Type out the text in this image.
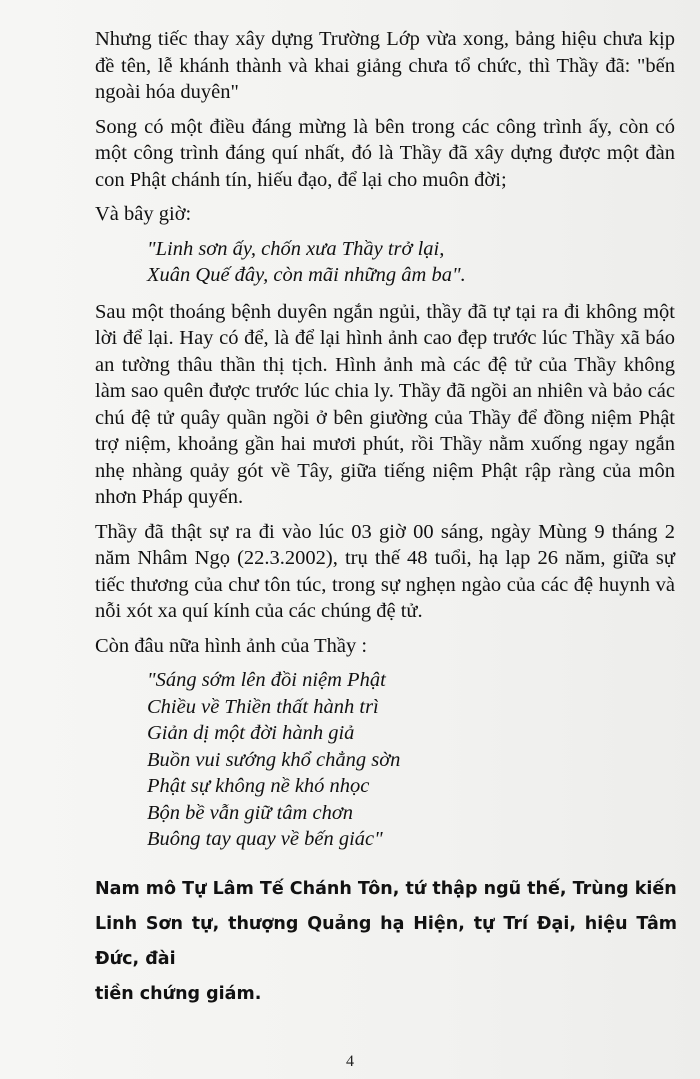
Nhưng tiếc thay xây dựng Trường Lớp vừa xong, bảng hiệu chưa kịp đề tên, lễ khánh thành và khai giảng chưa tổ chức, thì Thầy đã: "bến ngoài hóa duyên"

Song có một điều đáng mừng là bên trong các công trình ấy, còn có một công trình đáng quí nhất, đó là Thầy đã xây dựng được một đàn con Phật chánh tín, hiếu đạo, để lại cho muôn đời;

Và bây giờ:

"Linh sơn ấy, chốn xưa Thầy trở lại,
Xuân Quế đây, còn mãi những âm ba".

Sau một thoáng bệnh duyên ngắn ngủi, thầy đã tự tại ra đi không một lời để lại. Hay có để, là để lại hình ảnh cao đẹp trước lúc Thầy xã báo an tường thâu thần thị tịch. Hình ảnh mà các đệ tử của Thầy không làm sao quên được trước lúc chia ly. Thầy đã ngồi an nhiên và bảo các chú đệ tử quây quần ngồi ở bên giường của Thầy để đồng niệm Phật trợ niệm, khoảng gần hai mươi phút, rồi Thầy nằm xuống ngay ngắn nhẹ nhàng quảy gót về Tây, giữa tiếng niệm Phật rập ràng của môn nhơn Pháp quyến.

Thầy đã thật sự ra đi vào lúc 03 giờ 00 sáng, ngày Mùng 9 tháng 2 năm Nhâm Ngọ (22.3.2002), trụ thế 48 tuổi, hạ lạp 26 năm, giữa sự tiếc thương của chư tôn túc, trong sự nghẹn ngào của các đệ huynh và nỗi xót xa quí kính của các chúng đệ tử.

Còn đâu nữa hình ảnh của Thầy :

"Sáng sớm lên đồi niệm Phật
Chiều về Thiền thất hành trì
Giản dị một đời hành giả
Buồn vui sướng khổ chẳng sờn
Phật sự không nề khó nhọc
Bộn bề vẫn giữ tâm chơn
Buông tay quay về bến giác"
Nam mô Tự Lâm Tế Chánh Tôn, tứ thập ngũ thế, Trùng kiến
Linh Sơn tự, thượng Quảng hạ Hiện, tự Trí Đại, hiệu Tâm Đức, đài
tiền chứng giám.
4
